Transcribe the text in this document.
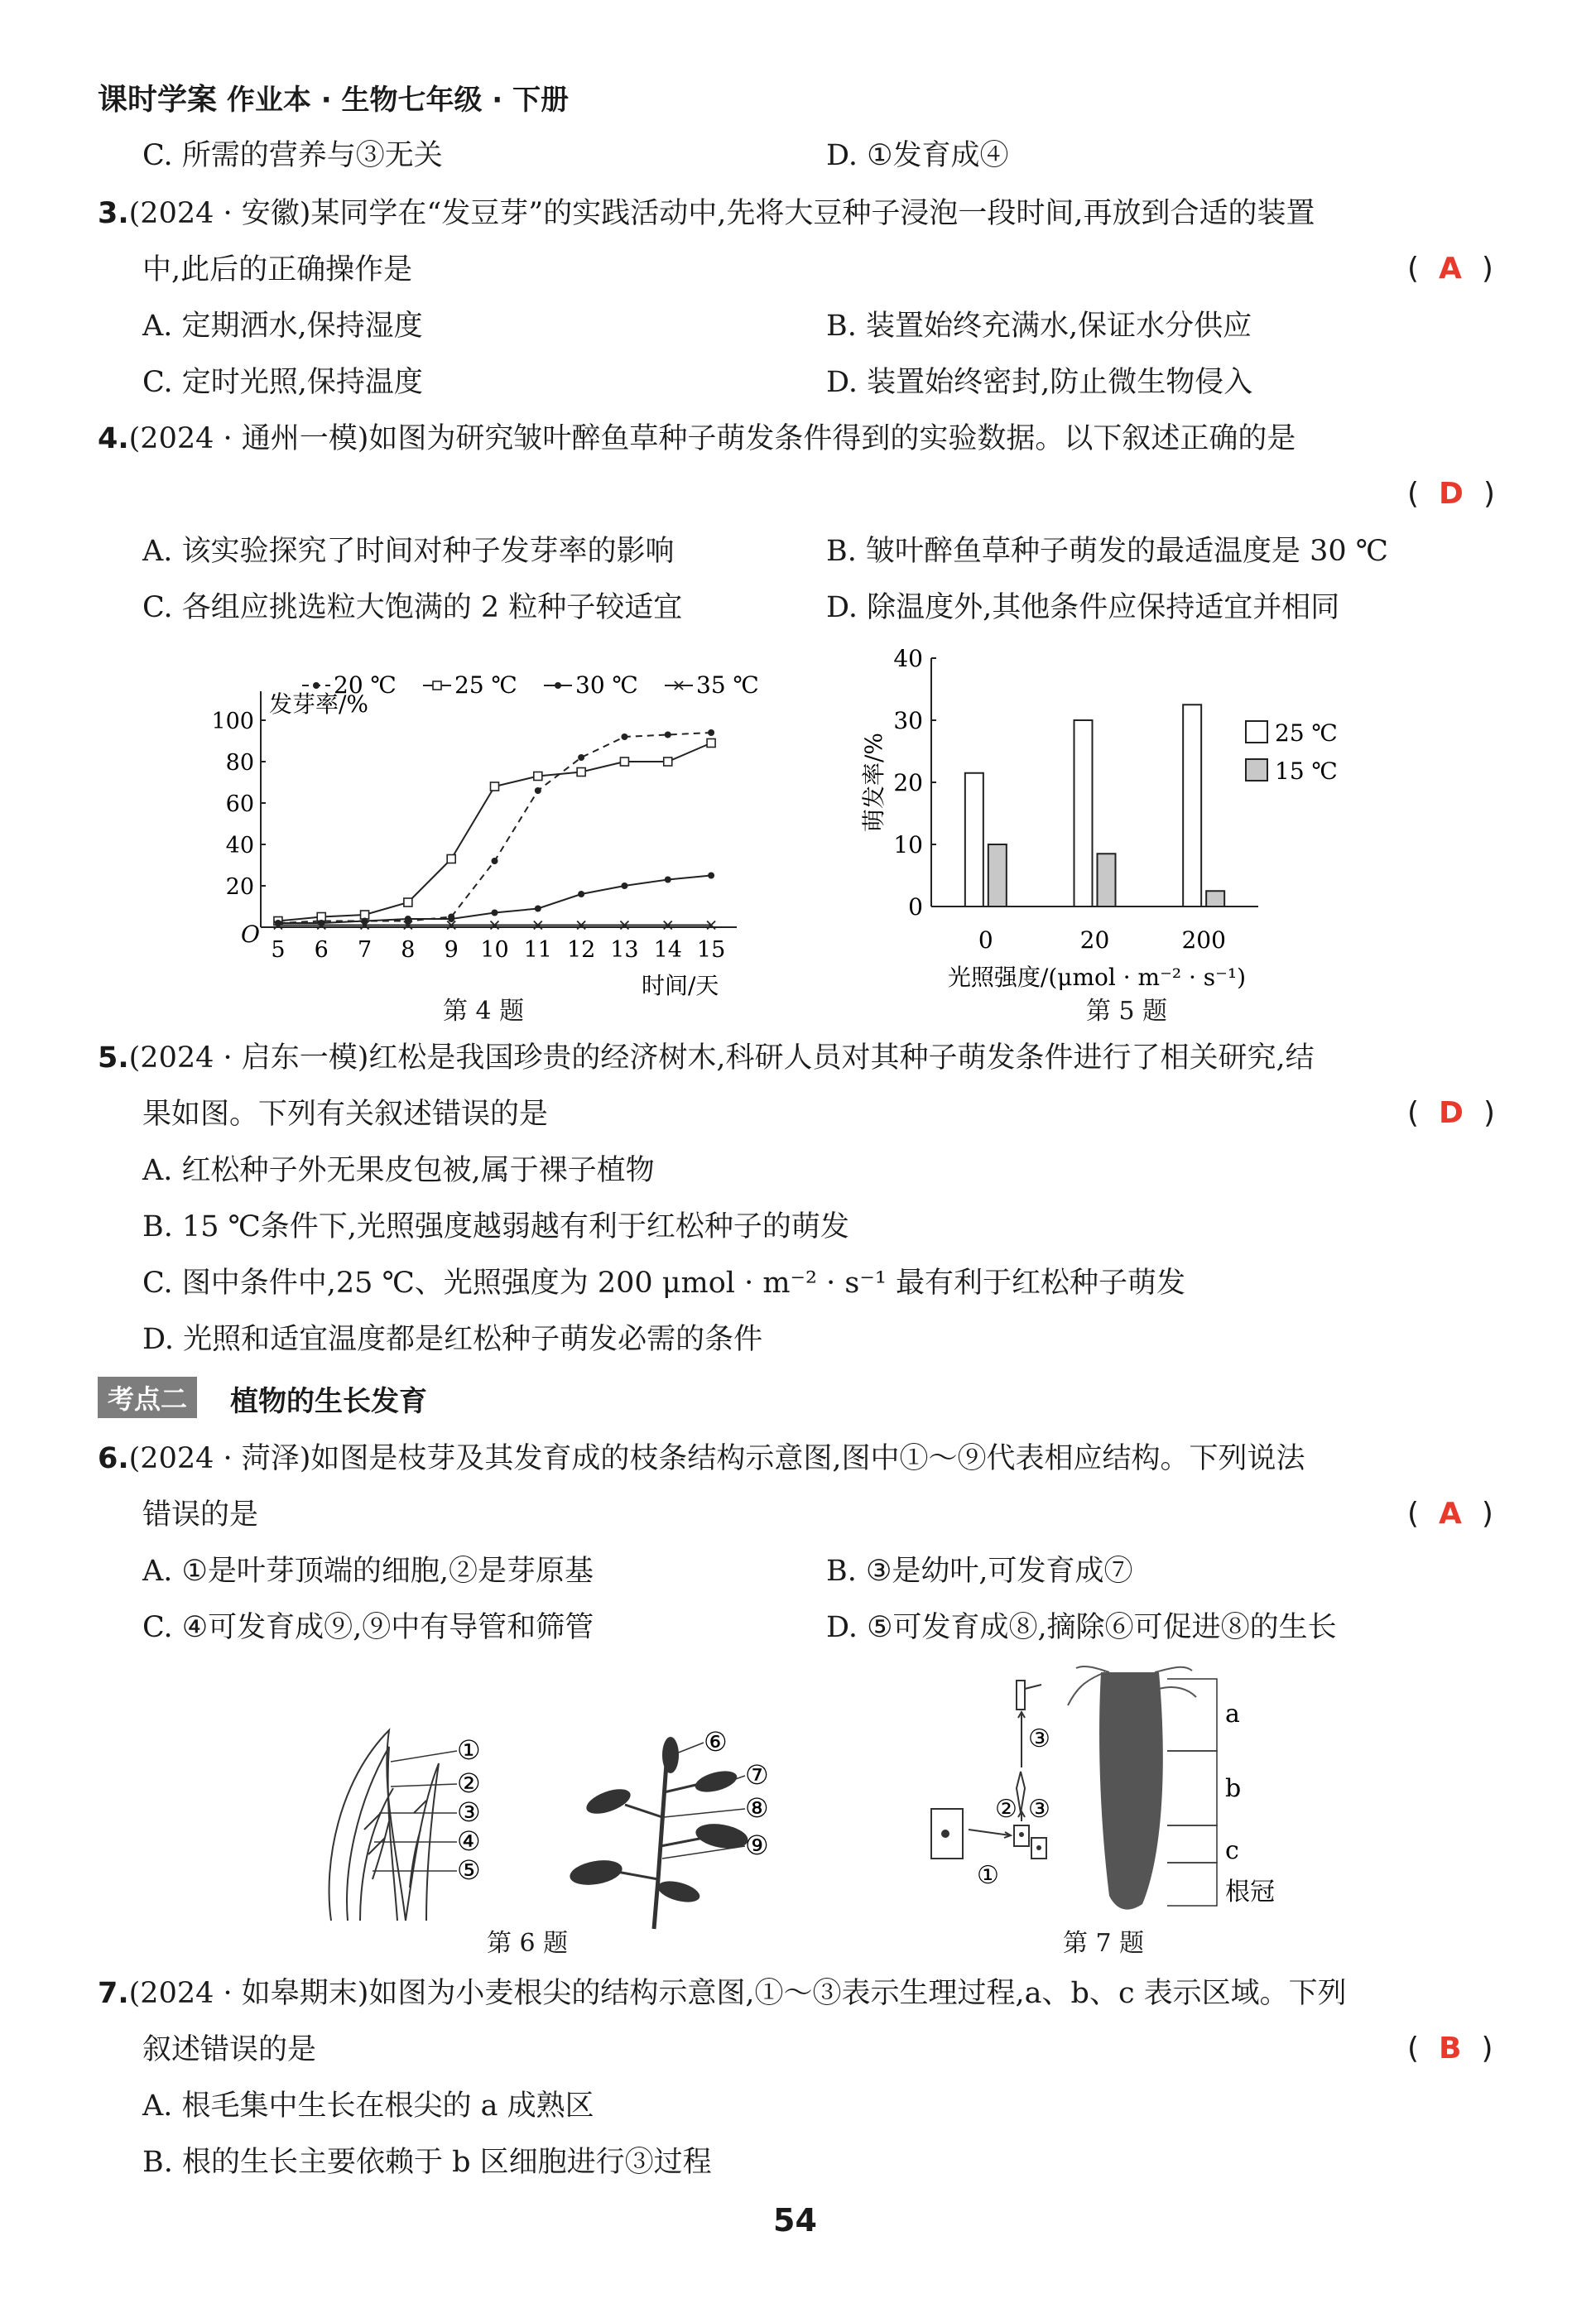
课时学案 作业本 · 生物七年级 · 下册
C. 所需的营养与③无关	D. ①发育成④
3.(2024 · 安徽)某同学在“发豆芽”的实践活动中,先将大豆种子浸泡一段时间,再放到合适的装置
中,此后的正确操作是	( A )
A. 定期洒水,保持湿度	B. 装置始终充满水,保证水分供应
C. 定时光照,保持温度	D. 装置始终密封,防止微生物侵入
4.(2024 · 通州一模)如图为研究皱叶醉鱼草种子萌发条件得到的实验数据。以下叙述正确的是
( D )
A. 该实验探究了时间对种子发芽率的影响	B. 皱叶醉鱼草种子萌发的最适温度是 30 ℃
C. 各组应挑选粒大饱满的 2 粒种子较适宜	D. 除温度外,其他条件应保持适宜并相同
O
20
40
60
80
100
5 6 7 8 9 10 11 12 13 14 15
发芽率/%
时间/天
20 ℃	25 ℃	30 ℃	35 ℃
第 4 题
0
10
20
30
40
萌发率/%
0	20	200
光照强度/(μmol · m⁻² · s⁻¹)
25 ℃
15 ℃
第 5 题
5.(2024 · 启东一模)红松是我国珍贵的经济树木,科研人员对其种子萌发条件进行了相关研究,结
果如图。下列有关叙述错误的是	( D )
A. 红松种子外无果皮包被,属于裸子植物
B. 15 ℃条件下,光照强度越弱越有利于红松种子的萌发
C. 图中条件中,25 ℃、光照强度为 200 μmol · m⁻² · s⁻¹ 最有利于红松种子萌发
D. 光照和适宜温度都是红松种子萌发必需的条件
考点二	植物的生长发育
6.(2024 · 菏泽)如图是枝芽及其发育成的枝条结构示意图,图中①～⑨代表相应结构。下列说法
错误的是	( A )
A. ①是叶芽顶端的细胞,②是芽原基	B. ③是幼叶,可发育成⑦
C. ④可发育成⑨,⑨中有导管和筛管	D. ⑤可发育成⑧,摘除⑥可促进⑧的生长
①
②
③
④
⑤
⑥
⑦
⑧
⑨
第 6 题
③
② ③
①
a
b
c
根冠
第 7 题
7.(2024 · 如皋期末)如图为小麦根尖的结构示意图,①～③表示生理过程,a、b、c 表示区域。下列
叙述错误的是	( B )
A. 根毛集中生长在根尖的 a 成熟区
B. 根的生长主要依赖于 b 区细胞进行③过程
54
